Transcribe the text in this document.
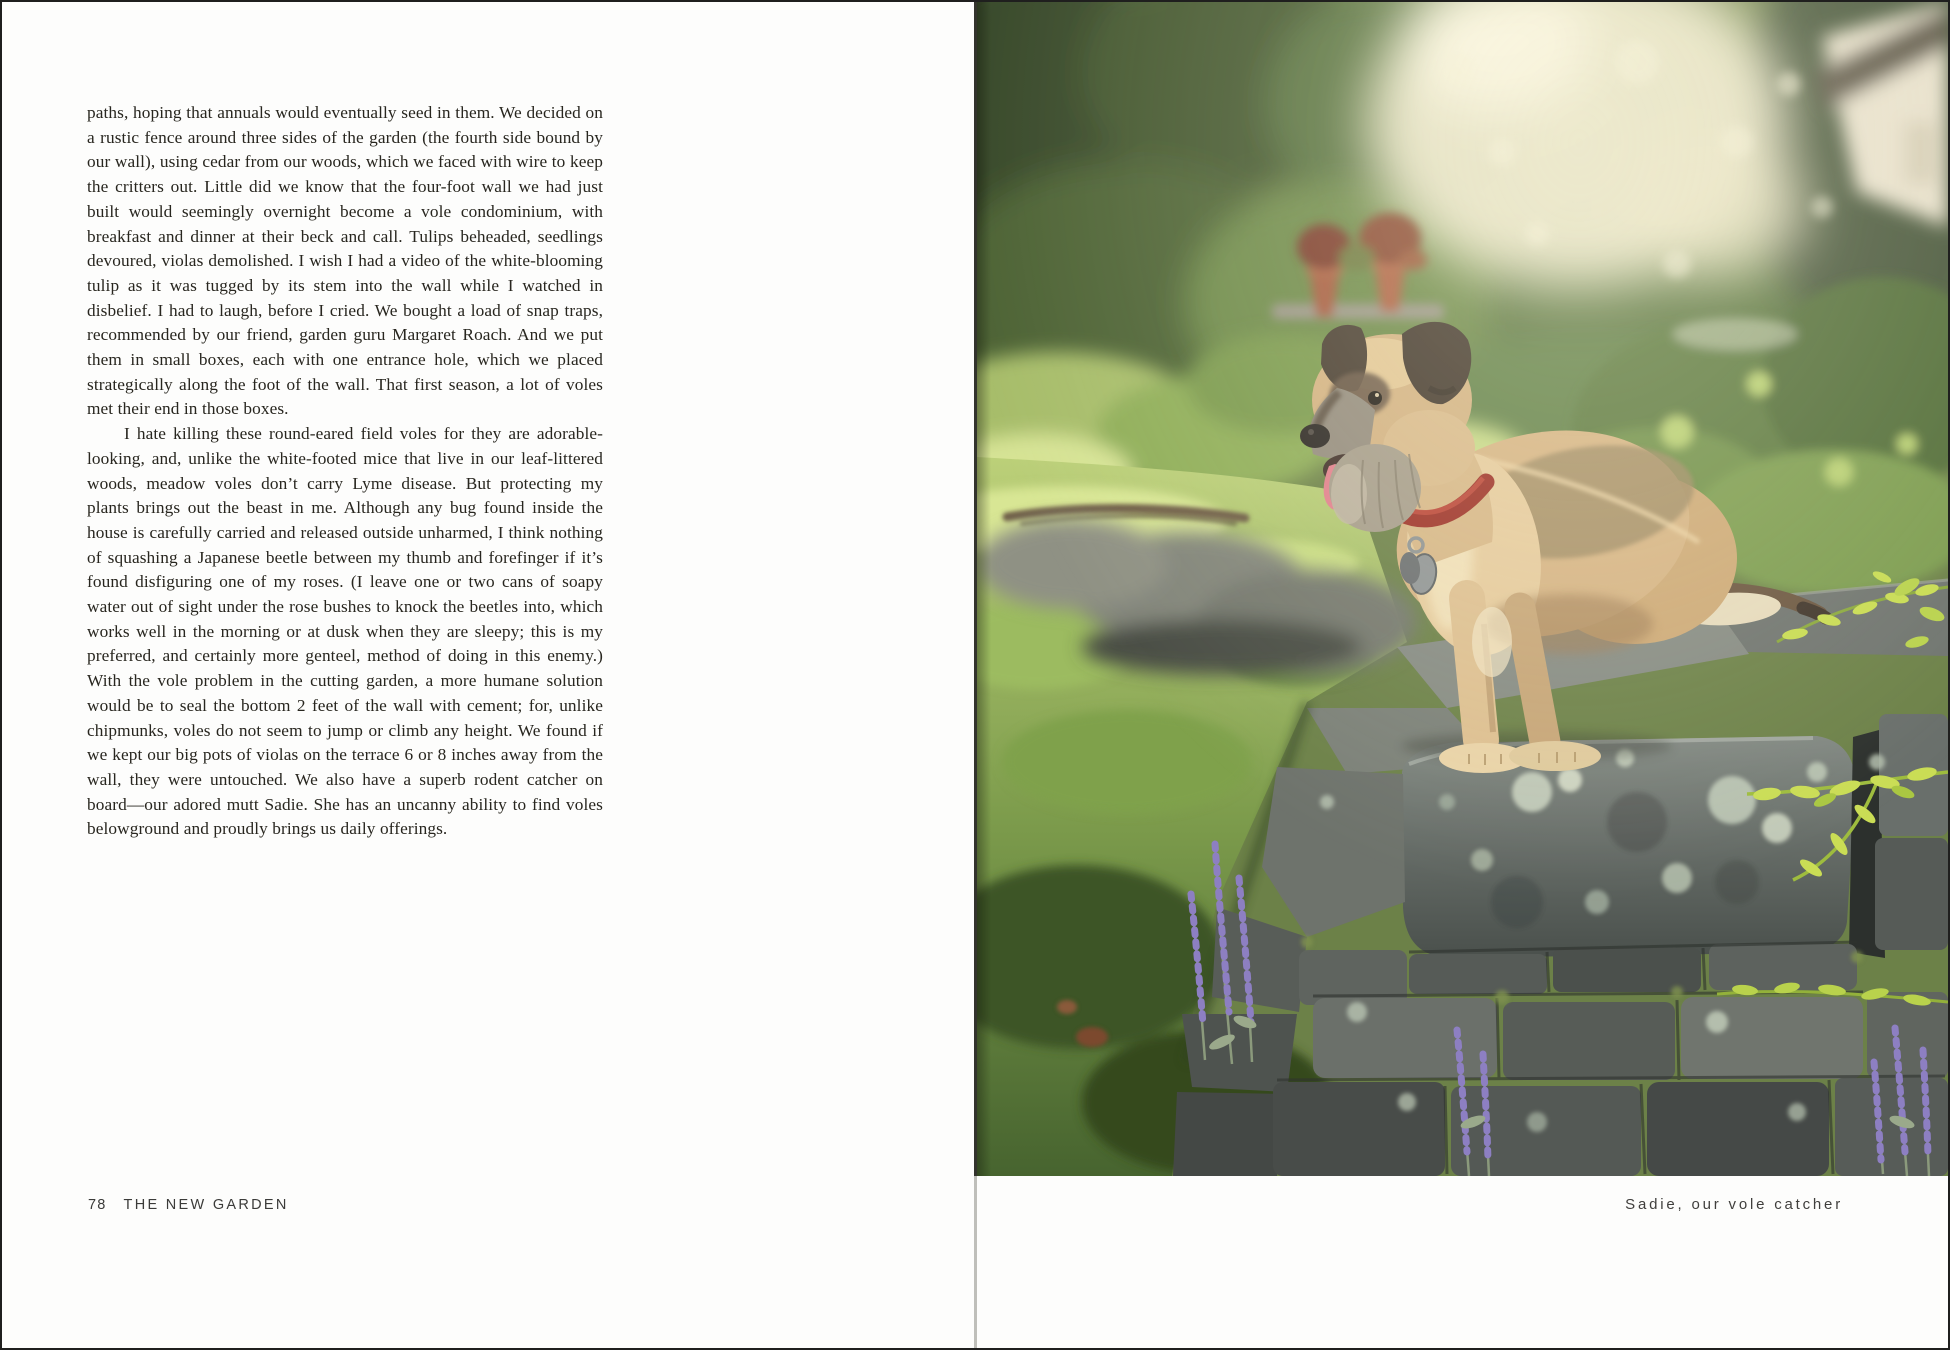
paths, hoping that annuals would eventually seed in them. We decided on a rustic fence around three sides of the garden (the fourth side bound by our wall), using cedar from our woods, which we faced with wire to keep the critters out. Little did we know that the four-foot wall we had just built would seemingly overnight become a vole condominium, with breakfast and dinner at their beck and call. Tulips beheaded, seedlings devoured, violas demolished. I wish I had a video of the white-blooming tulip as it was tugged by its stem into the wall while I watched in disbelief. I had to laugh, before I cried. We bought a load of snap traps, recommended by our friend, garden guru Margaret Roach. And we put them in small boxes, each with one entrance hole, which we placed strategically along the foot of the wall. That first season, a lot of voles met their end in those boxes.

I hate killing these round-eared field voles for they are adorable-looking, and, unlike the white-footed mice that live in our leaf-littered woods, meadow voles don’t carry Lyme disease. But protecting my plants brings out the beast in me. Although any bug found inside the house is carefully carried and released outside unharmed, I think nothing of squashing a Japanese beetle between my thumb and forefinger if it’s found disfiguring one of my roses. (I leave one or two cans of soapy water out of sight under the rose bushes to knock the beetles into, which works well in the morning or at dusk when they are sleepy; this is my preferred, and certainly more genteel, method of doing in this enemy.) With the vole problem in the cutting garden, a more humane solution would be to seal the bottom 2 feet of the wall with cement; for, unlike chipmunks, voles do not seem to jump or climb any height. We found if we kept our big pots of violas on the terrace 6 or 8 inches away from the wall, they were untouched. We also have a superb rodent catcher on board—our adored mutt Sadie. She has an uncanny ability to find voles belowground and proudly brings us daily offerings.

78 THE NEW GARDEN	Sadie, our vole catcher
